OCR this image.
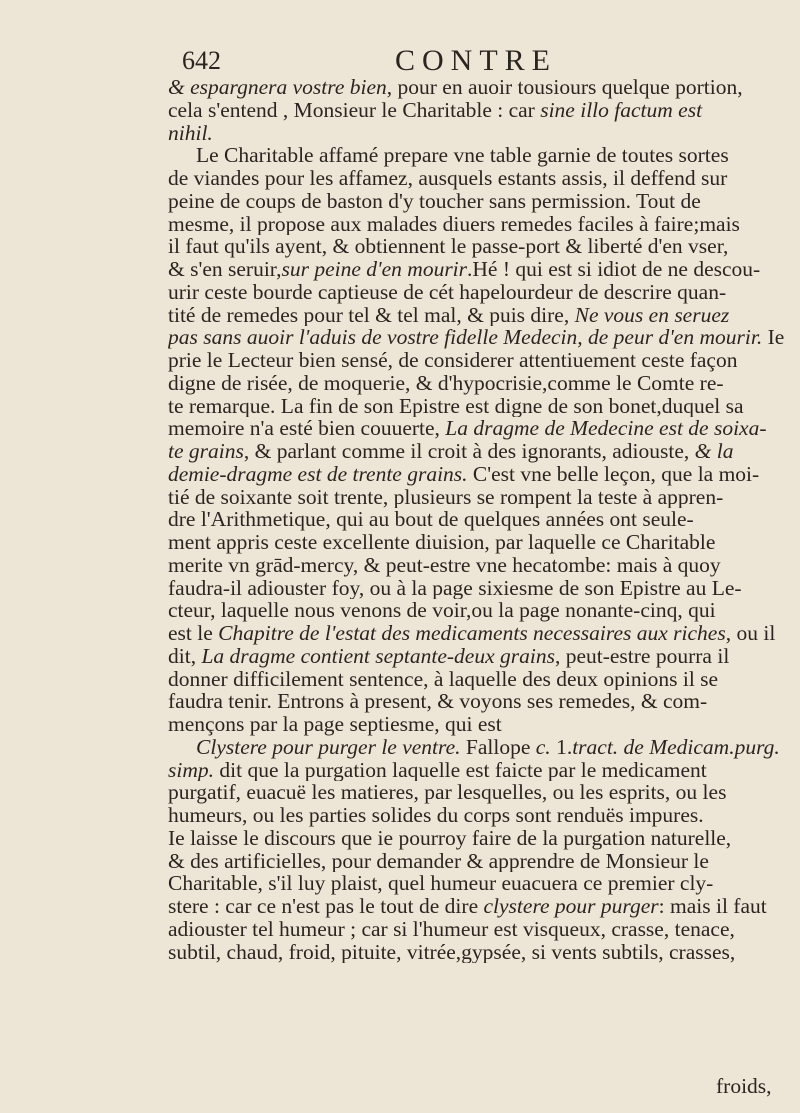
642	CONTRE
& espargnera vostre bien, pour en auoir tousiours quelque portion,
cela s'entend , Monsieur le Charitable : car sine illo factum est
nihil.
Le Charitable affamé prepare vne table garnie de toutes sortes
de viandes pour les affamez, ausquels estants assis, il deffend sur
peine de coups de baston d'y toucher sans permission. Tout de
mesme, il propose aux malades diuers remedes faciles à faire;mais
il faut qu'ils ayent, & obtiennent le passe-port & liberté d'en vser,
& s'en seruir,sur peine d'en mourir.Hé ! qui est si idiot de ne descou-
urir ceste bourde captieuse de cét hapelourdeur de descrire quan-
tité de remedes pour tel & tel mal, & puis dire, Ne vous en seruez
pas sans auoir l'aduis de vostre fidelle Medecin, de peur d'en mourir. Ie
prie le Lecteur bien sensé, de considerer attentiuement ceste façon
digne de risée, de moquerie, & d'hypocrisie,comme le Comte re-
te remarque. La fin de son Epistre est digne de son bonet,duquel sa
memoire n'a esté bien couuerte, La dragme de Medecine est de soixa-
te grains, & parlant comme il croit à des ignorants, adiouste, & la
demie-dragme est de trente grains. C'est vne belle leçon, que la moi-
tié de soixante soit trente, plusieurs se rompent la teste à appren-
dre l'Arithmetique, qui au bout de quelques années ont seule-
ment appris ceste excellente diuision, par laquelle ce Charitable
merite vn grād-mercy, & peut-estre vne hecatombe: mais à quoy
faudra-il adiouster foy, ou à la page sixiesme de son Epistre au Le-
cteur, laquelle nous venons de voir,ou la page nonante-cinq, qui
est le Chapitre de l'estat des medicaments necessaires aux riches, ou il
dit, La dragme contient septante-deux grains, peut-estre pourra il
donner difficilement sentence, à laquelle des deux opinions il se
faudra tenir. Entrons à present, & voyons ses remedes, & com-
mençons par la page septiesme, qui est
Clystere pour purger le ventre. Fallope c. 1.tract. de Medicam.purg.
simp. dit que la purgation laquelle est faicte par le medicament
purgatif, euacuë les matieres, par lesquelles, ou les esprits, ou les
humeurs, ou les parties solides du corps sont renduës impures.
Ie laisse le discours que ie pourroy faire de la purgation naturelle,
& des artificielles, pour demander & apprendre de Monsieur le
Charitable, s'il luy plaist, quel humeur euacuera ce premier cly-
stere : car ce n'est pas le tout de dire clystere pour purger: mais il faut
adiouster tel humeur ; car si l'humeur est visqueux, crasse, tenace,
subtil, chaud, froid, pituite, vitrée,gypsée, si vents subtils, crasses,
froids,
